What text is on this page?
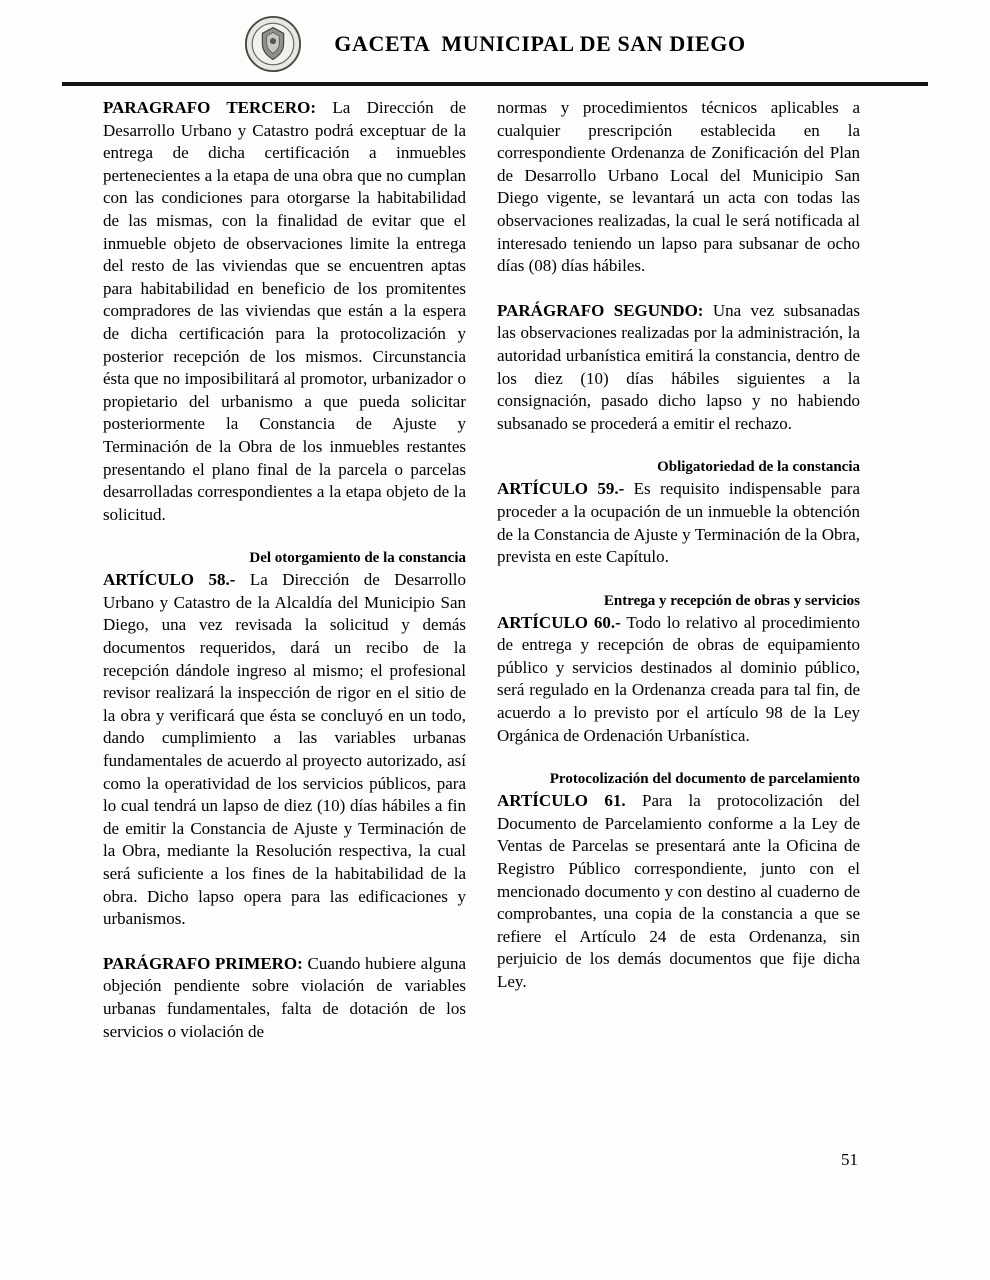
GACETA  MUNICIPAL DE SAN DIEGO

PARAGRAFO TERCERO: La Dirección de Desarrollo Urbano y Catastro podrá exceptuar de la entrega de dicha certificación a inmuebles pertenecientes a la etapa de una obra que no cumplan con las condiciones para otorgarse la habitabilidad de las mismas, con la finalidad de evitar que el inmueble objeto de observaciones limite la entrega del resto de las viviendas que se encuentren aptas para habitabilidad en beneficio de los promitentes compradores de las viviendas que están a la espera de dicha certificación para la protocolización y posterior recepción de los mismos. Circunstancia ésta que no imposibilitará al promotor, urbanizador o propietario del urbanismo a que pueda solicitar posteriormente la Constancia de Ajuste y Terminación de la Obra de los inmuebles restantes presentando el plano final de la parcela o parcelas desarrolladas correspondientes a la etapa objeto de la solicitud.

Del otorgamiento de la constancia

ARTÍCULO 58.- La Dirección de Desarrollo Urbano y Catastro de la Alcaldía del Municipio San Diego, una vez revisada la solicitud y demás documentos requeridos, dará un recibo de la recepción dándole ingreso al mismo; el profesional revisor realizará la inspección de rigor en el sitio de la obra y verificará que ésta se concluyó en un todo, dando cumplimiento a las variables urbanas fundamentales de acuerdo al proyecto autorizado, así como la operatividad de los servicios públicos, para lo cual tendrá un lapso de diez (10) días hábiles a fin de emitir la Constancia de Ajuste y Terminación de la Obra, mediante la Resolución respectiva, la cual será suficiente a los fines de la habitabilidad de la obra. Dicho lapso opera para las edificaciones y urbanismos.

PARÁGRAFO PRIMERO: Cuando hubiere alguna objeción pendiente sobre violación de variables urbanas fundamentales, falta de dotación de los servicios o violación de

normas y procedimientos técnicos aplicables a cualquier prescripción establecida en la correspondiente Ordenanza de Zonificación del Plan de Desarrollo Urbano Local del Municipio San Diego vigente, se levantará un acta con todas las observaciones realizadas, la cual le será notificada al interesado teniendo un lapso para subsanar de ocho días (08) días hábiles.

PARÁGRAFO SEGUNDO: Una vez subsanadas las observaciones realizadas por la administración, la autoridad urbanística emitirá la constancia, dentro de los diez (10) días hábiles siguientes a la consignación, pasado dicho lapso y no habiendo subsanado se procederá a emitir el rechazo.

Obligatoriedad de la constancia

ARTÍCULO 59.- Es requisito indispensable para proceder a la ocupación de un inmueble la obtención de la Constancia de Ajuste y Terminación de la Obra, prevista en este Capítulo.

Entrega y recepción de obras y servicios

ARTÍCULO 60.- Todo lo relativo al procedimiento de entrega y recepción de obras de equipamiento público y servicios destinados al dominio público, será regulado en la Ordenanza creada para tal fin, de acuerdo a lo previsto por el artículo 98 de la Ley Orgánica de Ordenación Urbanística.

Protocolización del documento de parcelamiento

ARTÍCULO 61. Para la protocolización del Documento de Parcelamiento conforme a la Ley de Ventas de Parcelas se presentará ante la Oficina de Registro Público correspondiente, junto con el mencionado documento y con destino al cuaderno de comprobantes, una copia de la constancia a que se refiere el Artículo 24 de esta Ordenanza, sin perjuicio de los demás documentos que fije dicha Ley.

51
